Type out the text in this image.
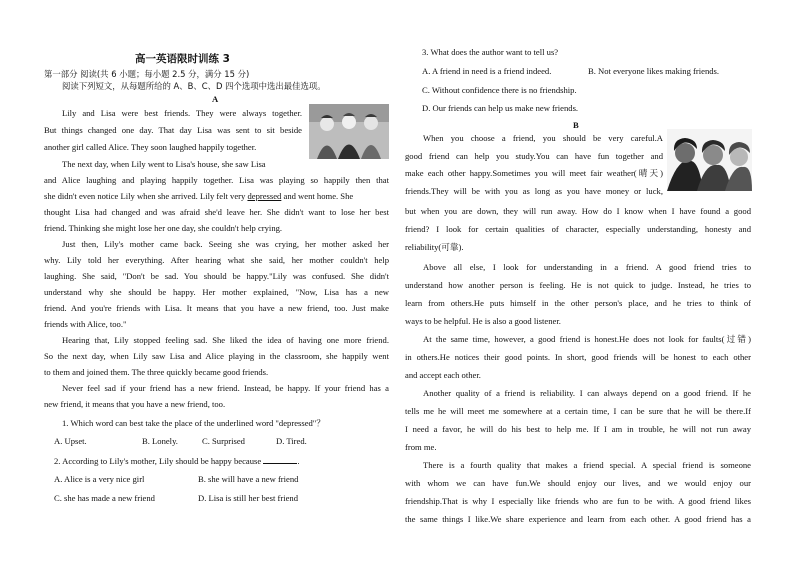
高一英语限时训练 3
第一部分 阅读(共 6 小题；每小题 2.5 分，满分 15 分)
阅读下列短文，从每题所给的 A、B、C、D 四个选项中选出最佳选项。
A
Lily and Lisa were best friends. They were always together.
But things changed one day. That day Lisa was sent to sit beside
another girl called Alice. They soon laughed happily together.
The next day, when Lily went to Lisa's house, she saw Lisa
and Alice laughing and playing happily together. Lisa was playing so happily then that
she didn't even notice Lily when she arrived. Lily felt very depressed and went home. She
thought Lisa had changed and was afraid she'd leave her. She didn't want to lose her best
friend. Thinking she might lose her one day, she couldn't help crying.
Just then, Lily's mother came back. Seeing she was crying, her mother asked her
why. Lily told her everything. After hearing what she said, her mother couldn't help
laughing. She said, "Don't be sad. You should be happy."Lily was confused. She didn't
understand why she should be happy. Her mother explained, "Now, Lisa has a new
friend. And you're friends with Lisa. It means that you have a new friend, too. Just make
friends with Alice, too."
Hearing that, Lily stopped feeling sad. She liked the idea of having one more friend.
So the next day, when Lily saw Lisa and Alice playing in the classroom, she happily went
to them and joined them. The three quickly became good friends.
Never feel sad if your friend has a new friend. Instead, be happy. If your friend has a
new friend, it means that you have a new friend, too.
1. Which word can best take the place of the underlined word "depressed"？
A. Upset.	B. Lonely.	C. Surprised	D. Tired.
2. According to Lily's mother, Lily should be happy because	.
A. Alice is a very nice girl	B. she will have a new friend
C. she has made a new friend	D. Lisa is still her best friend
3. What does the author want to tell us?
A. A friend in need is a friend indeed.	B. Not everyone likes making friends.
C. Without confidence there is no friendship.
D. Our friends can help us make new friends.
B
When you choose a friend, you should be very careful.A
good friend can help you study.You can have fun together and
make each other happy.Sometimes you will meet fair weather(晴天)
friends.They will be with you as long as you have money or luck,
but when you are down, they will run away. How do I know when I have found a good
friend? I look for certain qualities of character, especially understanding, honesty and
reliability(可靠).
Above all else, I look for understanding in a friend. A good friend tries to
understand how another person is feeling. He is not quick to judge. Instead, he tries to
learn from others.He puts himself in the other person's place, and he tries to think of
ways to be helpful. He is also a good listener.
At the same time, however, a good friend is honest.He does not look for faults(过错)
in others.He notices their good points. In short, good friends will be honest to each other
and accept each other.
Another quality of a friend is reliability. I can always depend on a good friend. If he
tells me he will meet me somewhere at a certain time, I can be sure that he will be there.If
I need a favor, he will do his best to help me. If I am in trouble, he will not run away
from me.
There is a fourth quality that makes a friend special. A special friend is someone
with whom we can have fun.We should enjoy our lives, and we would enjoy our
friendship.That is why I especially like friends who are fun to be with. A good friend likes
the same things I like.We share experience and learn from each other. A good friend has a
